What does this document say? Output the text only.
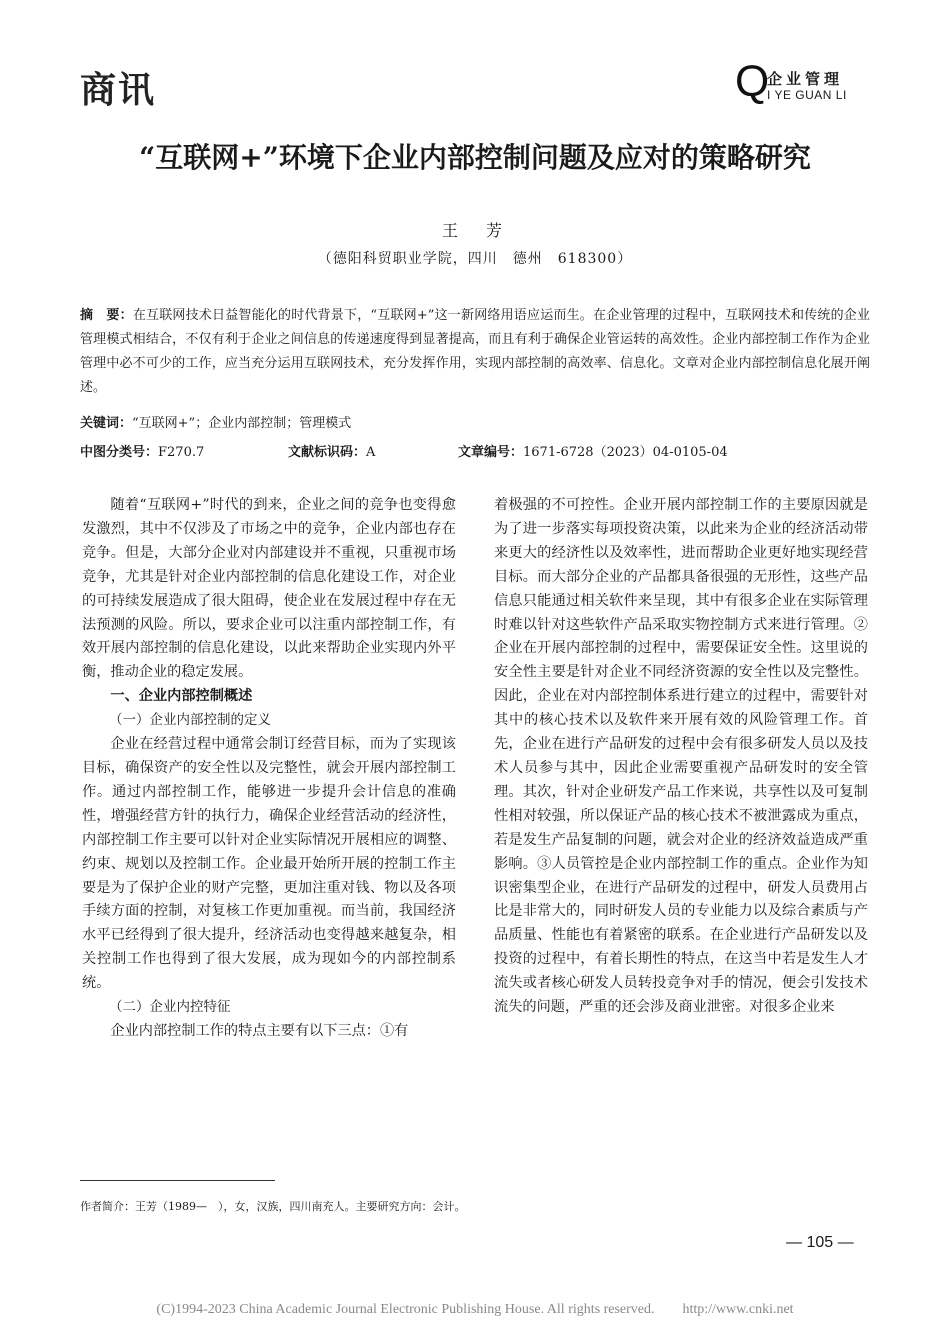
商讯	Q
企业管理
I YE GUAN LI
“互联网+”环境下企业内部控制问题及应对的策略研究
王　芳
（德阳科贸职业学院，四川　德州　618300）
摘　要：在互联网技术日益智能化的时代背景下，“互联网+”这一新网络用语应运而生。在企业管理的过程中，互联网技术和传统的企业管理模式相结合，不仅有利于企业之间信息的传递速度得到显著提高，而且有利于确保企业管运转的高效性。企业内部控制工作作为企业管理中必不可少的工作，应当充分运用互联网技术，充分发挥作用，实现内部控制的高效率、信息化。文章对企业内部控制信息化展开阐述。
关键词：“互联网+”；企业内部控制；管理模式
中图分类号：F270.7	文献标识码：A	文章编号：1671-6728（2023）04-0105-04

随着“互联网+”时代的到来，企业之间的竞争也变得愈发激烈，其中不仅涉及了市场之中的竞争，企业内部也存在竞争。但是，大部分企业对内部建设并不重视，只重视市场竞争，尤其是针对企业内部控制的信息化建设工作，对企业的可持续发展造成了很大阻碍，使企业在发展过程中存在无法预测的风险。所以，要求企业可以注重内部控制工作，有效开展内部控制的信息化建设，以此来帮助企业实现内外平衡，推动企业的稳定发展。

一、企业内部控制概述
（一）企业内部控制的定义

企业在经营过程中通常会制订经营目标，而为了实现该目标，确保资产的安全性以及完整性，就会开展内部控制工作。通过内部控制工作，能够进一步提升会计信息的准确性，增强经营方针的执行力，确保企业经营活动的经济性，内部控制工作主要可以针对企业实际情况开展相应的调整、约束、规划以及控制工作。企业最开始所开展的控制工作主要是为了保护企业的财产完整，更加注重对钱、物以及各项手续方面的控制，对复核工作更加重视。而当前，我国经济水平已经得到了很大提升，经济活动也变得越来越复杂，相关控制工作也得到了很大发展，成为现如今的内部控制系统。

（二）企业内控特征

企业内部控制工作的特点主要有以下三点：①有

着极强的不可控性。企业开展内部控制工作的主要原因就是为了进一步落实每项投资决策，以此来为企业的经济活动带来更大的经济性以及效率性，进而帮助企业更好地实现经营目标。而大部分企业的产品都具备很强的无形性，这些产品信息只能通过相关软件来呈现，其中有很多企业在实际管理时难以针对这些软件产品采取实物控制方式来进行管理。②企业在开展内部控制的过程中，需要保证安全性。这里说的安全性主要是针对企业不同经济资源的安全性以及完整性。因此，企业在对内部控制体系进行建立的过程中，需要针对其中的核心技术以及软件来开展有效的风险管理工作。首先，企业在进行产品研发的过程中会有很多研发人员以及技术人员参与其中，因此企业需要重视产品研发时的安全管理。其次，针对企业研发产品工作来说，共享性以及可复制性相对较强，所以保证产品的核心技术不被泄露成为重点，若是发生产品复制的问题，就会对企业的经济效益造成严重影响。③人员管控是企业内部控制工作的重点。企业作为知识密集型企业，在进行产品研发的过程中，研发人员费用占比是非常大的，同时研发人员的专业能力以及综合素质与产品质量、性能也有着紧密的联系。在企业进行产品研发以及投资的过程中，有着长期性的特点，在这当中若是发生人才流失或者核心研发人员转投竞争对手的情况，便会引发技术流失的问题，严重的还会涉及商业泄密。对很多企业来

作者简介：王芳（1989—　），女，汉族，四川南充人。主要研究方向：会计。
— 105 —
(C)1994-2023 China Academic Journal Electronic Publishing House. All rights reserved.　　http://www.cnki.net
